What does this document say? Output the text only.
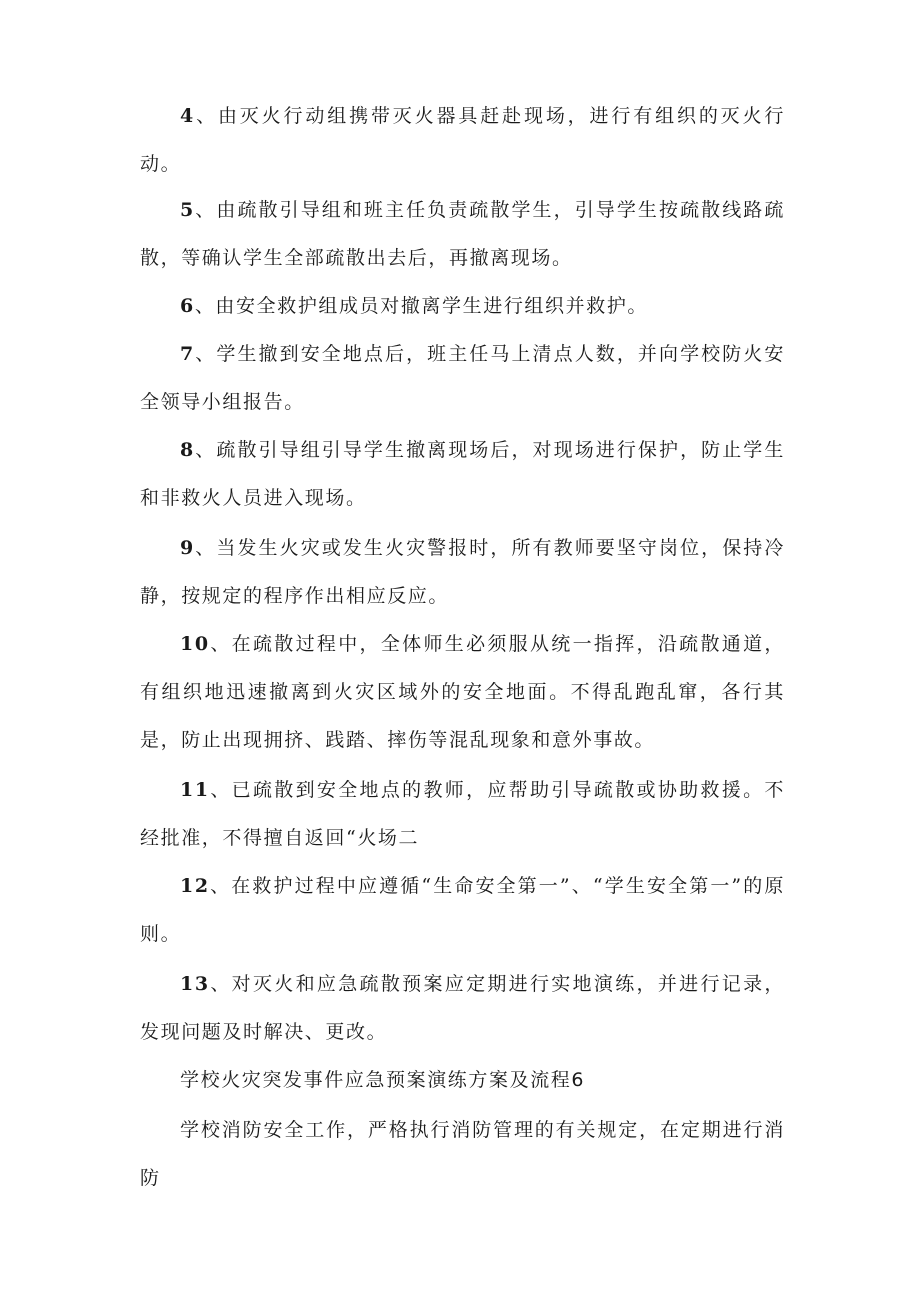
4、由灭火行动组携带灭火器具赶赴现场，进行有组织的灭火行动。

5、由疏散引导组和班主任负责疏散学生，引导学生按疏散线路疏散，等确认学生全部疏散出去后，再撤离现场。

6、由安全救护组成员对撤离学生进行组织并救护。

7、学生撤到安全地点后，班主任马上清点人数，并向学校防火安全领导小组报告。

8、疏散引导组引导学生撤离现场后，对现场进行保护，防止学生和非救火人员进入现场。

9、当发生火灾或发生火灾警报时，所有教师要坚守岗位，保持冷静，按规定的程序作出相应反应。

10、在疏散过程中，全体师生必须服从统一指挥，沿疏散通道，有组织地迅速撤离到火灾区域外的安全地面。不得乱跑乱窜，各行其是，防止出现拥挤、践踏、摔伤等混乱现象和意外事故。

11、已疏散到安全地点的教师，应帮助引导疏散或协助救援。不经批准，不得擅自返回“火场二

12、在救护过程中应遵循“生命安全第一”、“学生安全第一”的原则。

13、对灭火和应急疏散预案应定期进行实地演练，并进行记录，发现问题及时解决、更改。

学校火灾突发事件应急预案演练方案及流程6

学校消防安全工作，严格执行消防管理的有关规定，在定期进行消防
